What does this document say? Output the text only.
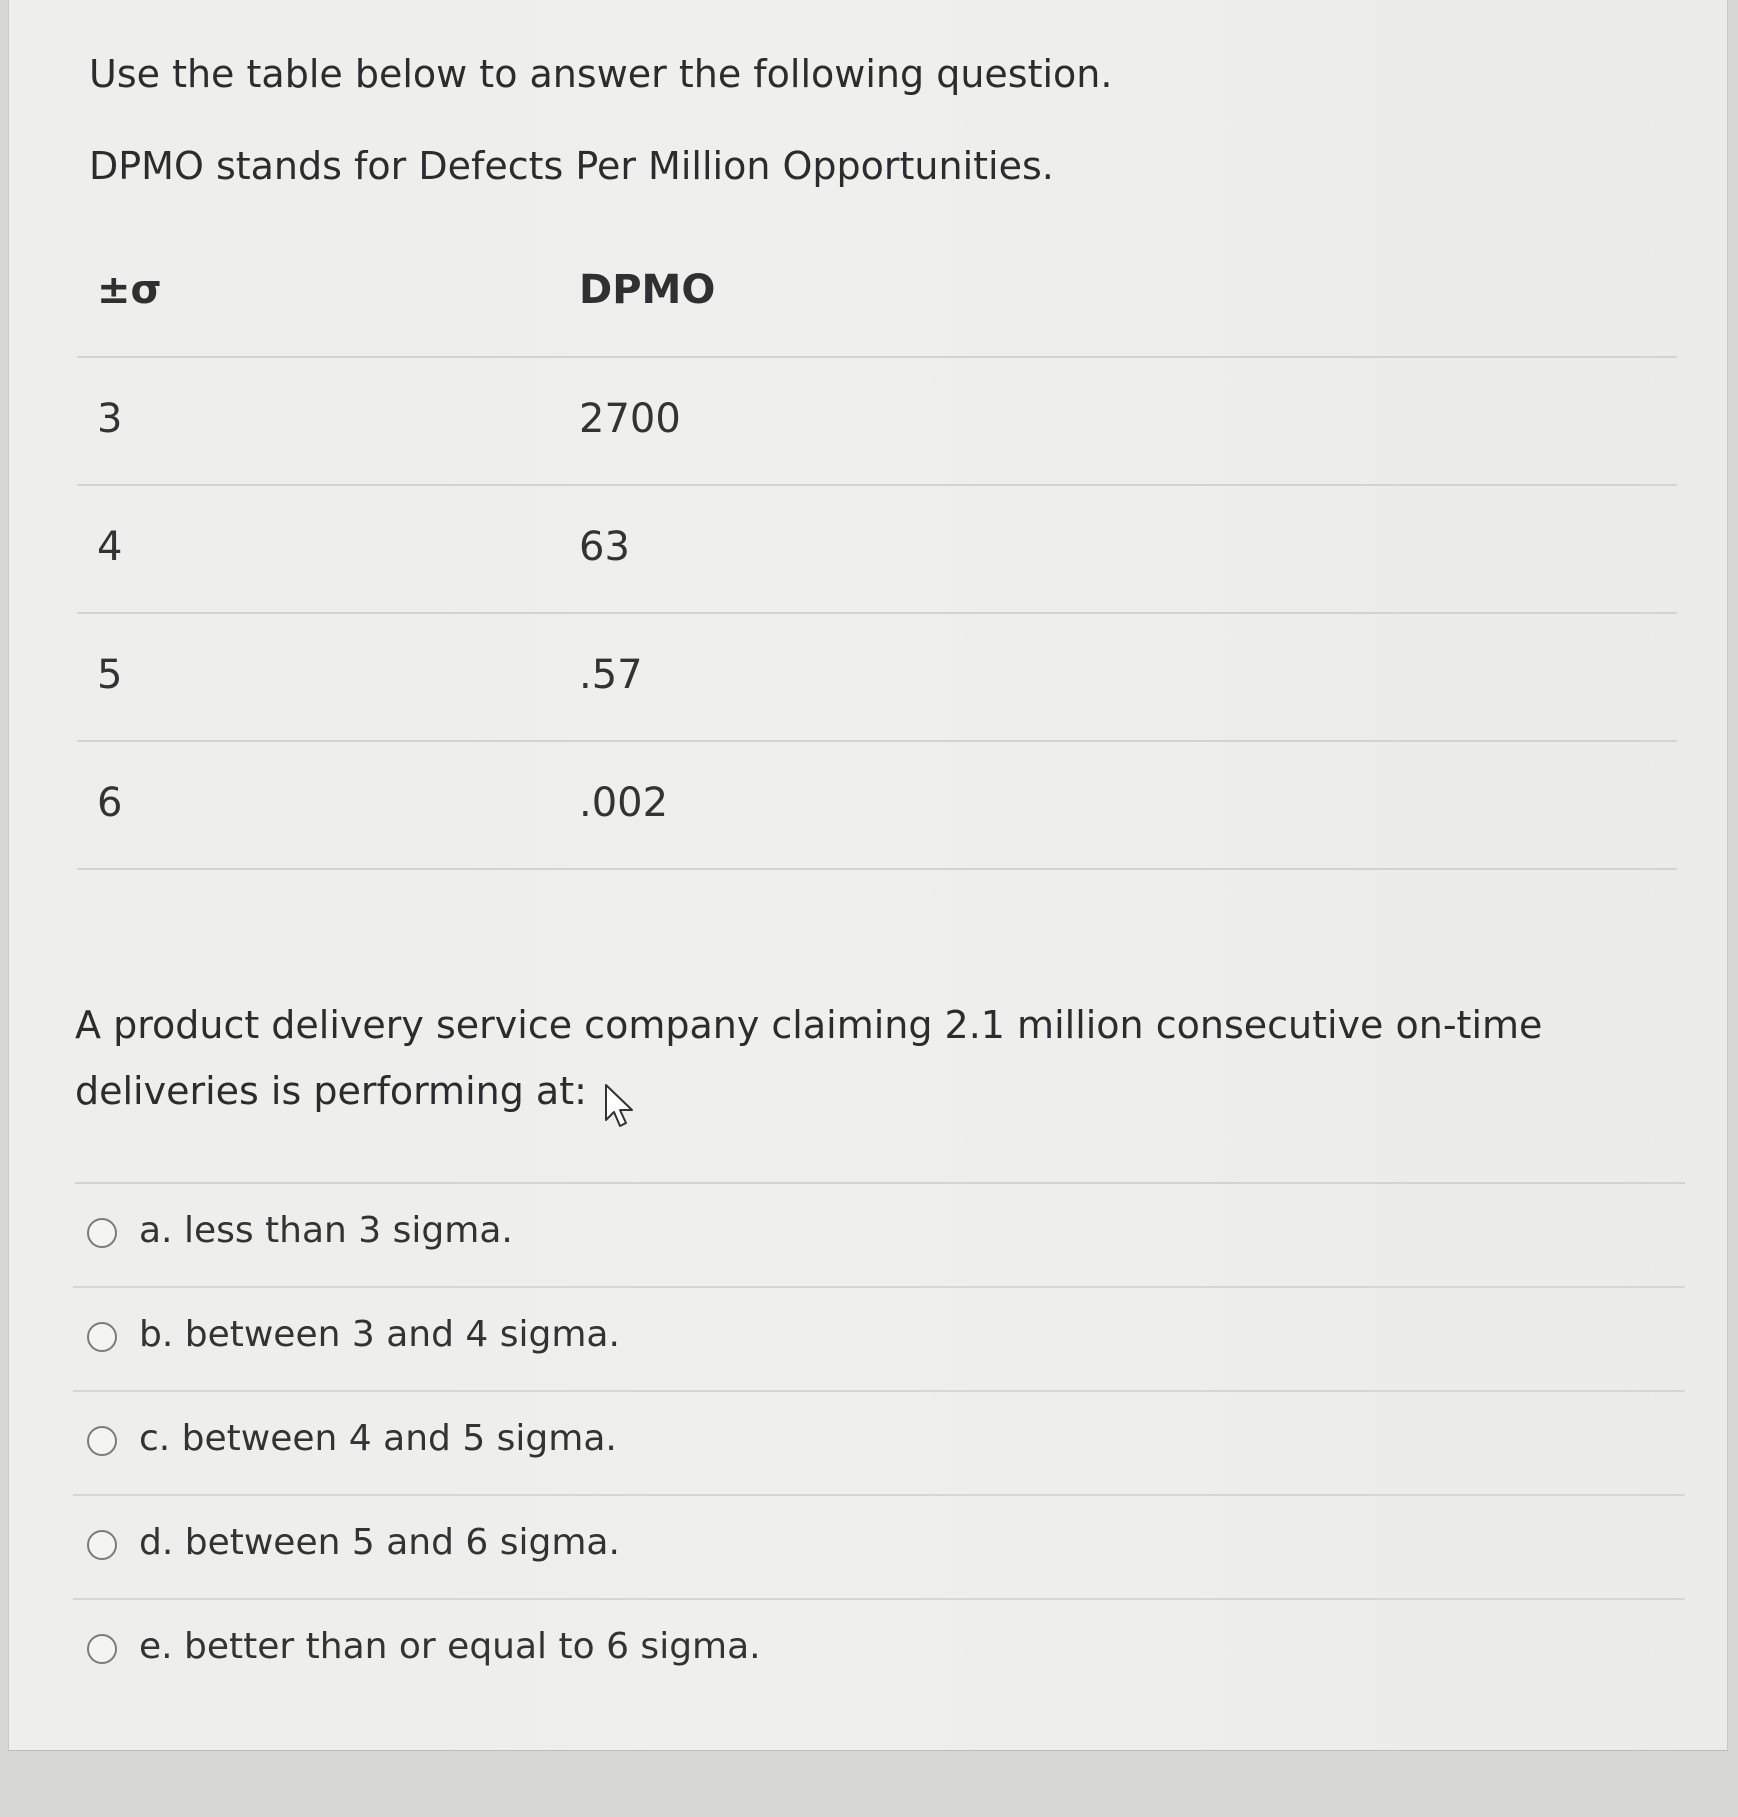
Use the table below to answer the following question.

DPMO stands for Defects Per Million Opportunities.

±σ	DPMO
3	2700
4	63
5	.57
6	.002

A product delivery service company claiming 2.1 million consecutive on-time deliveries is performing at:

a. less than 3 sigma.
b. between 3 and 4 sigma.
c. between 4 and 5 sigma.
d. between 5 and 6 sigma.
e. better than or equal to 6 sigma.
